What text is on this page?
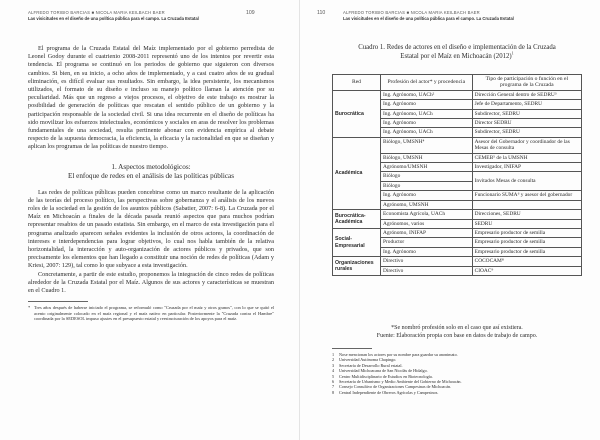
ALFREDO TORIBIO BARCIAS ■ NICOLA MARIA KEILBACH BAER
Las visicitudes en el diseño de una política pública para el campo. La Cruzada Estatal
109

El programa de la Cruzada Estatal del Maíz implementado por el gobierno perredista de Leonel Godoy durante el cuatrienio 2008-2011 representó uno de los intentos por revertir esta tendencia. El programa se continuó en los periodos de gobierno que siguieron con diversos cambios. Si bien, en su inicio, a ocho años de implementado, y a casi cuatro años de su gradual eliminación, es difícil evaluar sus resultados. Sin embargo, la idea persistente, los mecanismos utilizados, el formato de su diseño e incluso su manejo político llaman la atención por su peculiaridad. Más que un regreso a viejos procesos, el objetivo de este trabajo es mostrar la posibilidad de generación de políticas que rescatan el sentido público de un gobierno y la participación responsable de la sociedad civil. Si una idea recurrente en el diseño de políticas ha sido movilizar los esfuerzos intelectuales, económicos y sociales en aras de resolver los problemas fundamentales de una sociedad, resulta pertinente abonar con evidencia empírica al debate respecto de la supuesta democracia, la eficiencia, la eficacia y la racionalidad en que se diseñan y aplican los programas de las políticas de nuestro tiempo.

1. Aspectos metodológicos:
El enfoque de redes en el análisis de las políticas públicas

Las redes de políticas públicas pueden concebirse como un marco resultante de la aplicación de las teorías del proceso político, las perspectivas sobre gobernanza y el análisis de los nuevos roles de la sociedad en la gestión de los asuntos públicos (Sabatier, 2007: 6-8). La Cruzada por el Maíz en Michoacán a finales de la década pasada reunió aspectos que para muchos podrían representar resabios de un pasado estatista. Sin embargo, en el marco de esta investigación para el programa analizado aparecen señales evidentes la inclusión de otros actores, la coordinación de intereses e interdependencias para lograr objetivos, lo cual nos habla también de la relativa horizontalidad, la interacción y auto-organización de actores públicos y privados, que son precisamente los elementos que han llegado a constituir una noción de redes de políticas (Adam y Kriesi, 2007: 129), tal como lo que subyace a esta investigación.

Concretamente, a partir de este estudio, proponemos la integración de cinco redes de políticas alrededor de la Cruzada Estatal por el Maíz. Algunos de sus actores y características se muestran en el Cuadro 1.

* Tres años después de haberse iniciado el programa, se reformuló como "Cruzada por el maíz y otros granos", con lo que se quitó el acento originalmente colocado en el maíz regional y el maíz nativo en particular. Posteriormente la "Cruzada contra el Hambre" coordinada por la SEDESOL impuso ajustes en el presupuesto estatal y reestructuración de los apoyos para el maíz.
110	ALFREDO TORIBIO BARCIAS ■ NICOLA MARIA KEILBACH BAER
Las visicitudes en el diseño de una política pública para el campo. La Cruzada Estatal
Cuadro 1. Redes de actores en el diseño e implementación de la Cruzada
Estatal por el Maíz en Michoacán $(2012)^1$
Red	Profesión del actor* y procedencia	Tipo de participación o función en el programa de la Cruzada
Burocrática	Ing. Agrónomo, UACh²	Dirección General dentro de SEDRU³
	Ing. Agrónomo	Jefe de Departamento, SEDRU
	Ing. Agrónomo, UACh	Subdirector, SEDRU
	Ing. Agrónomo	Director SEDRU
	Ing. Agrónomo, UACh	Subdirector, SEDRU
Académica	Biólogo, UMSNH⁴	Asesor del Gobernador y coordinador de las Mesas de consulta
	Biólogo, UMSNH	CEMEB⁵ de la UMSNH
	Agrónomo/UMSNH	Investigador, INIFAP
	Biólogo	Invitados Mesas de consulta
	Biólogo	
	Ing. Agrónomo	Funcionario SUMA⁶ y asesor del gobernador
	Agrónomo, UMSNH	
Burocrática-Académica	Economista Agrícola, UACh	Direcciones, SEDRU
	Agrónomos, varios	SEDRU
Social-Empresarial	Agrónomo, INIFAP	Empresario productor de semilla
	Productor	Empresario productor de semilla
	Ing. Agrónomo	Empresario productor de semilla
Organizaciones rurales	Directivo	COCOCAM⁸
	Directivo	CIOAC⁹
*Se nombró profesión solo en el caso que así existiera.
Fuente: Elaboración propia con base en datos de trabajo de campo.
1 Nose mencionan los actores por su nombre para guardar su anonimato.
2 Universidad Autónoma Chapingo.
3 Secretaría de Desarrollo Rural estatal.
4 Universidad Michoacana de San Nicolás de Hidalgo.
5 Centro Multidisciplinario de Estudios en Biotecnología.
6 Secretaría de Urbanismo y Medio Ambiente del Gobierno de Michoacán.
7 Consejo Consultivo de Organizaciones Campesinas de Michoacán.
8 Central Independiente de Obreros Agrícolas y Campesinos.
